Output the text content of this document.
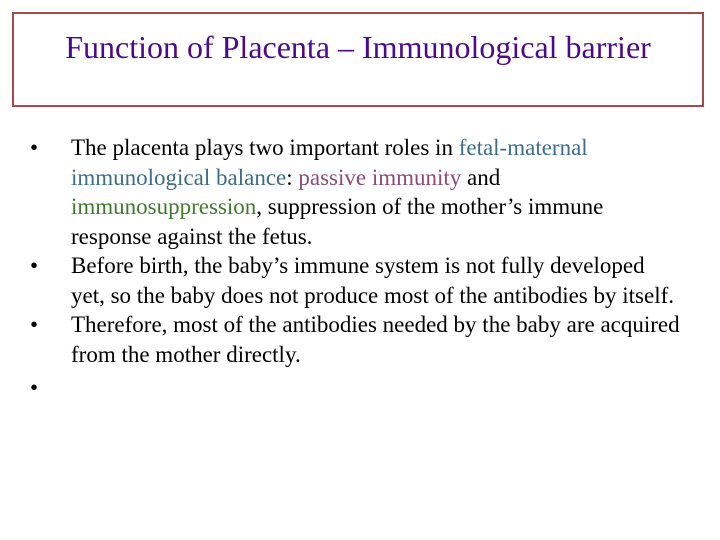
Function of Placenta – Immunological barrier
• The placenta plays two important roles in fetal-maternal immunological balance: passive immunity and immunosuppression, suppression of the mother’s immune response against the fetus.
• Before birth, the baby’s immune system is not fully developed yet, so the baby does not produce most of the antibodies by itself.
• Therefore, most of the antibodies needed by the baby are acquired from the mother directly.
•
